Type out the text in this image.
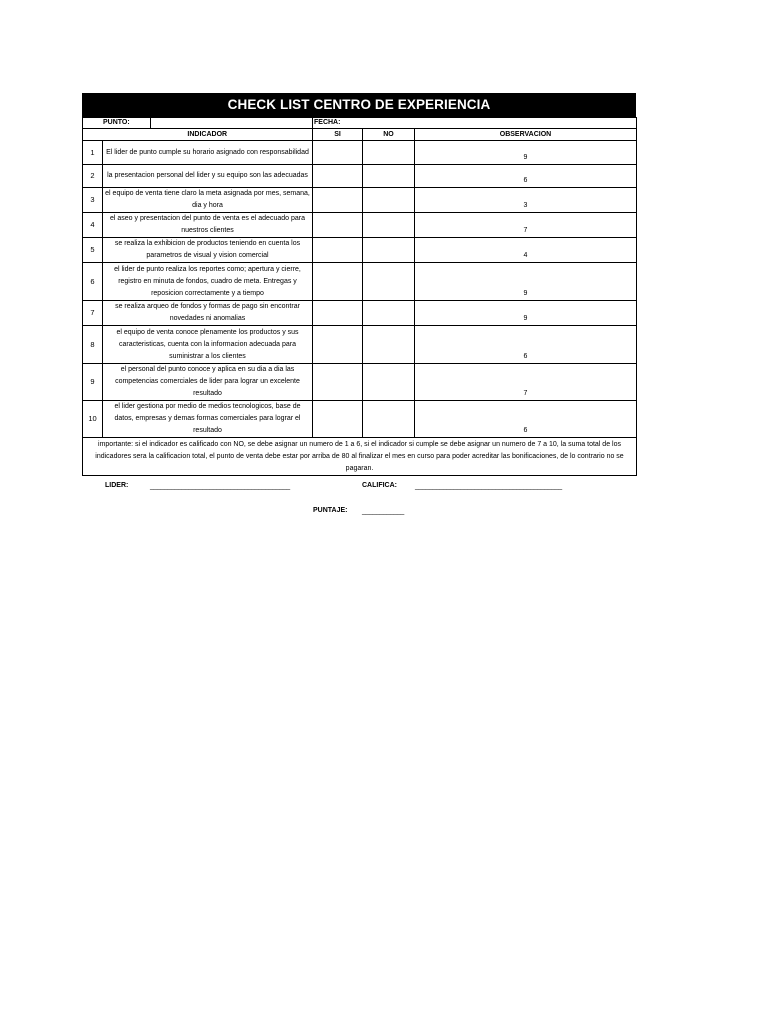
CHECK LIST CENTRO DE EXPERIENCIA
PUNTO:			FECHA:		
	INDICADOR		SI	NO	OBSERVACION
1	El lider de punto cumple su horario asignado con responsabilidad				9
2	la presentacion personal del lider y su equipo son las adecuadas				6
3	el equipo de venta tiene claro la meta asignada por mes, semana, dia y hora				3
4	el aseo y presentacion del punto de venta es el adecuado para nuestros clientes				7
5	se realiza la exhibicion de productos teniendo en cuenta los parametros de visual y vision comercial				4
6	el lider de punto realiza los reportes como; apertura y cierre, registro en minuta de fondos, cuadro de meta. Entregas y reposicion correctamente y a tiempo				9
7	se realiza arqueo de fondos y formas de pago sin encontrar novedades ni anomalias				9
8	el equipo de venta conoce plenamente los productos y sus caracteristicas, cuenta con la informacion adecuada para suministrar a los clientes				6
9	el personal del punto conoce y aplica en su dia a dia las competencias comerciales de lider para lograr un excelente resultado				7
10	el lider gestiona por medio de medios tecnologicos, base de datos, empresas y demas formas comerciales para lograr el resultado				6
importante: si el indicador es calificado con NO, se debe asignar un numero de 1 a 6, si el indicador si cumple se debe asignar un numero de 7 a 10, la suma total de los indicadores sera la calificacion total, el punto de venta debe estar por arriba de 80 al finalizar el mes en curso para poder acreditar las bonificaciones, de lo contrario no se pagaran.					
LIDER:	________________________________________	CALIFICA:	__________________________________________
PUNTAJE: ____________
